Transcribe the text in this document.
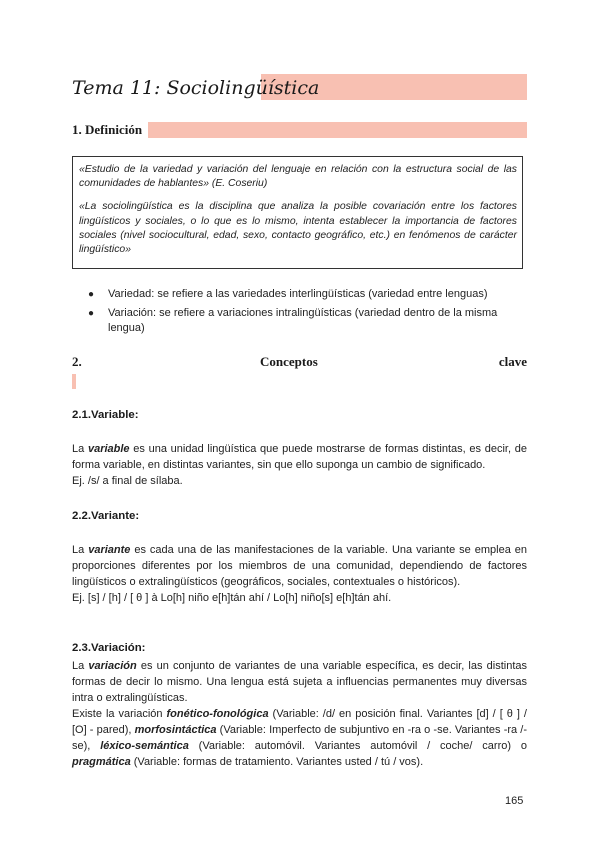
Tema 11: Sociolingüística
1. Definición

«Estudio de la variedad y variación del lenguaje en relación con la estructura social de las comunidades de hablantes» (E. Coseriu)

«La sociolingüística es la disciplina que analiza la posible covariación entre los factores lingüísticos y sociales, o lo que es lo mismo, intenta establecer la importancia de factores sociales (nivel sociocultural, edad, sexo, contacto geográfico, etc.) en fenómenos de carácter lingüístico»

● Variedad: se refiere a las variedades interlingüísticas (variedad entre lenguas)
● Variación: se refiere a variaciones intralingüísticas (variedad dentro de la misma lengua)
2.	Conceptos	clave
2.1.Variable:

La variable es una unidad lingüística que puede mostrarse de formas distintas, es decir, de forma variable, en distintas variantes, sin que ello suponga un cambio de significado.

Ej. /s/ a final de sílaba.

2.2.Variante:

La variante es cada una de las manifestaciones de la variable. Una variante se emplea en proporciones diferentes por los miembros de una comunidad, dependiendo de factores lingüísticos o extralingüísticos (geográficos, sociales, contextuales o históricos).

Ej. [s] / [h] / [ θ ] à Lo[h] niño e[h]tán ahí / Lo[h] niño[s] e[h]tán ahí.

2.3.Variación:

La variación es un conjunto de variantes de una variable específica, es decir, las distintas formas de decir lo mismo. Una lengua está sujeta a influencias permanentes muy diversas intra o extralingüísticas.

Existe la variación fonético-fonológica (Variable: /d/ en posición final. Variantes [d] / [ θ ] / [O] - pared), morfosintáctica (Variable: Imperfecto de subjuntivo en -ra o -se. Variantes -ra /-se), léxico-semántica (Variable: automóvil. Variantes automóvil / coche/ carro) o pragmática (Variable: formas de tratamiento. Variantes usted / tú / vos).

165
